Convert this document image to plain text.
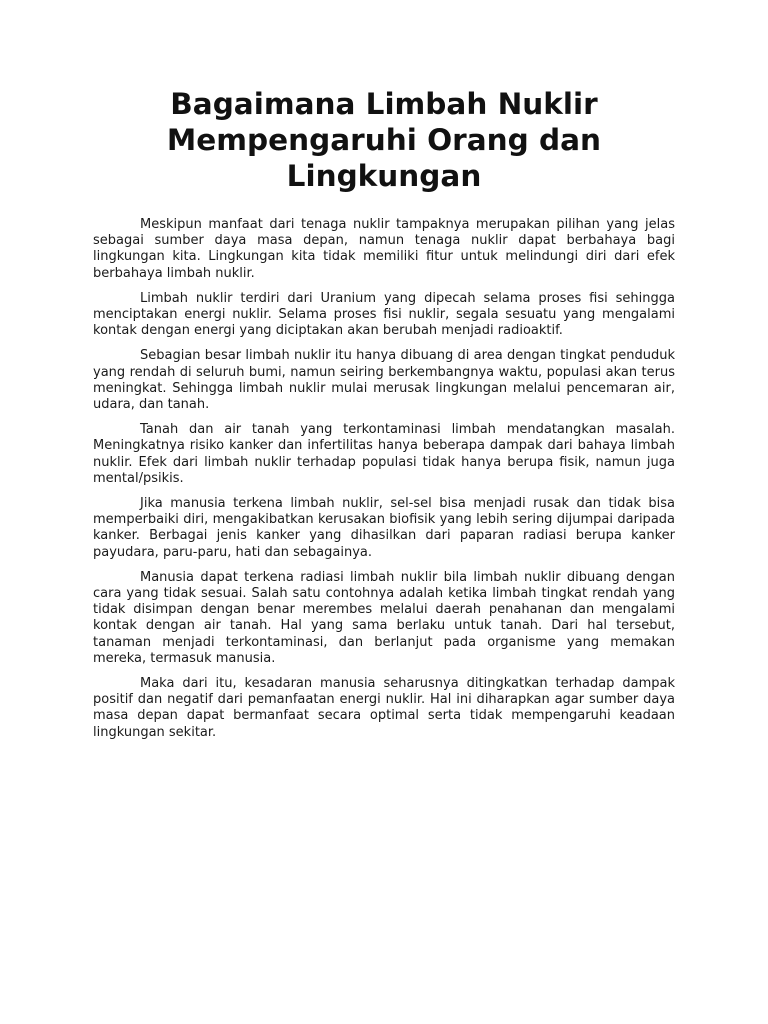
Bagaimana Limbah Nuklir Mempengaruhi Orang dan Lingkungan

Meskipun manfaat dari tenaga nuklir tampaknya merupakan pilihan yang jelas sebagai sumber daya masa depan, namun tenaga nuklir dapat berbahaya bagi lingkungan kita. Lingkungan kita tidak memiliki fitur untuk melindungi diri dari efek berbahaya limbah nuklir.

Limbah nuklir terdiri dari Uranium yang dipecah selama proses fisi sehingga menciptakan energi nuklir. Selama proses fisi nuklir, segala sesuatu yang mengalami kontak dengan energi yang diciptakan akan berubah menjadi radioaktif.

Sebagian besar limbah nuklir itu hanya dibuang di area dengan tingkat penduduk yang rendah di seluruh bumi, namun seiring berkembangnya waktu, populasi akan terus meningkat. Sehingga limbah nuklir mulai merusak lingkungan melalui pencemaran air, udara, dan tanah.

Tanah dan air tanah yang terkontaminasi limbah mendatangkan masalah. Meningkatnya risiko kanker dan infertilitas hanya beberapa dampak dari bahaya limbah nuklir. Efek dari limbah nuklir terhadap populasi tidak hanya berupa fisik, namun juga mental/psikis.

Jika manusia terkena limbah nuklir, sel-sel bisa menjadi rusak dan tidak bisa memperbaiki diri, mengakibatkan kerusakan biofisik yang lebih sering dijumpai daripada kanker. Berbagai jenis kanker yang dihasilkan dari paparan radiasi berupa kanker payudara, paru-paru, hati dan sebagainya.

Manusia dapat terkena radiasi limbah nuklir bila limbah nuklir dibuang dengan cara yang tidak sesuai. Salah satu contohnya adalah ketika limbah tingkat rendah yang tidak disimpan dengan benar merembes melalui daerah penahanan dan mengalami kontak dengan air tanah. Hal yang sama berlaku untuk tanah. Dari hal tersebut, tanaman menjadi terkontaminasi, dan berlanjut pada organisme yang memakan mereka, termasuk manusia.

Maka dari itu, kesadaran manusia seharusnya ditingkatkan terhadap dampak positif dan negatif dari pemanfaatan energi nuklir. Hal ini diharapkan agar sumber daya masa depan dapat bermanfaat secara optimal serta tidak mempengaruhi keadaan lingkungan sekitar.
